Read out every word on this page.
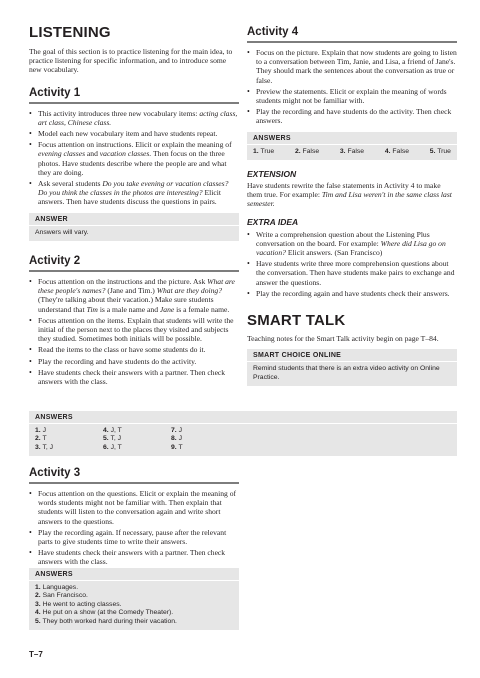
LISTENING

The goal of this section is to practice listening for the main idea, to practice listening for specific information, and to introduce some new vocabulary.

Activity 1
• This activity introduces three new vocabulary items: acting class, art class, Chinese class.
• Model each new vocabulary item and have students repeat.
• Focus attention on instructions. Elicit or explain the meaning of evening classes and vacation classes. Then focus on the three photos. Have students describe where the people are and what they are doing.
• Ask several students Do you take evening or vacation classes? Do you think the classes in the photos are interesting? Elicit answers. Then have students discuss the questions in pairs.
ANSWER
Answers will vary.
Activity 2
• Focus attention on the instructions and the picture. Ask What are these people's names? (Jane and Tim.) What are they doing? (They're talking about their vacation.) Make sure students understand that Tim is a male name and Jane is a female name.
• Focus attention on the items. Explain that students will write the initial of the person next to the places they visited and subjects they studied. Sometimes both initials will be possible.
• Read the items to the class or have some students do it.
• Play the recording and have students do the activity.
• Have students check their answers with a partner. Then check answers with the class.
ANSWERS
1. J	4. J, T	7. J
2. T	5. T, J	8. J
3. T, J	6. J, T	9. T
Activity 3
• Focus attention on the questions. Elicit or explain the meaning of words students might not be familiar with. Then explain that students will listen to the conversation again and write short answers to the questions.
• Play the recording again. If necessary, pause after the relevant parts to give students time to write their answers.
• Have students check their answers with a partner. Then check answers with the class.
ANSWERS
1. Languages.
2. San Francisco.
3. He went to acting classes.
4. He put on a show (at the Comedy Theater).
5. They both worked hard during their vacation.
Activity 4
• Focus on the picture. Explain that now students are going to listen to a conversation between Tim, Janie, and Lisa, a friend of Jane's. They should mark the sentences about the conversation as true or false.
• Preview the statements. Elicit or explain the meaning of words students might not be familiar with.
• Play the recording and have students do the activity. Then check answers.
ANSWERS
1. True	2. False	3. False	4. False	5. True
EXTENSION

Have students rewrite the false statements in Activity 4 to make them true. For example: Tim and Lisa weren't in the same class last semester.

EXTRA IDEA
• Write a comprehension question about the Listening Plus conversation on the board. For example: Where did Lisa go on vacation? Elicit answers. (San Francisco)
• Have students write three more comprehension questions about the conversation. Then have students make pairs to exchange and answer the questions.
• Play the recording again and have students check their answers.
SMART TALK

Teaching notes for the Smart Talk activity begin on page T–84.

SMART CHOICE ONLINE
Remind students that there is an extra video activity on Online Practice.
T–7
